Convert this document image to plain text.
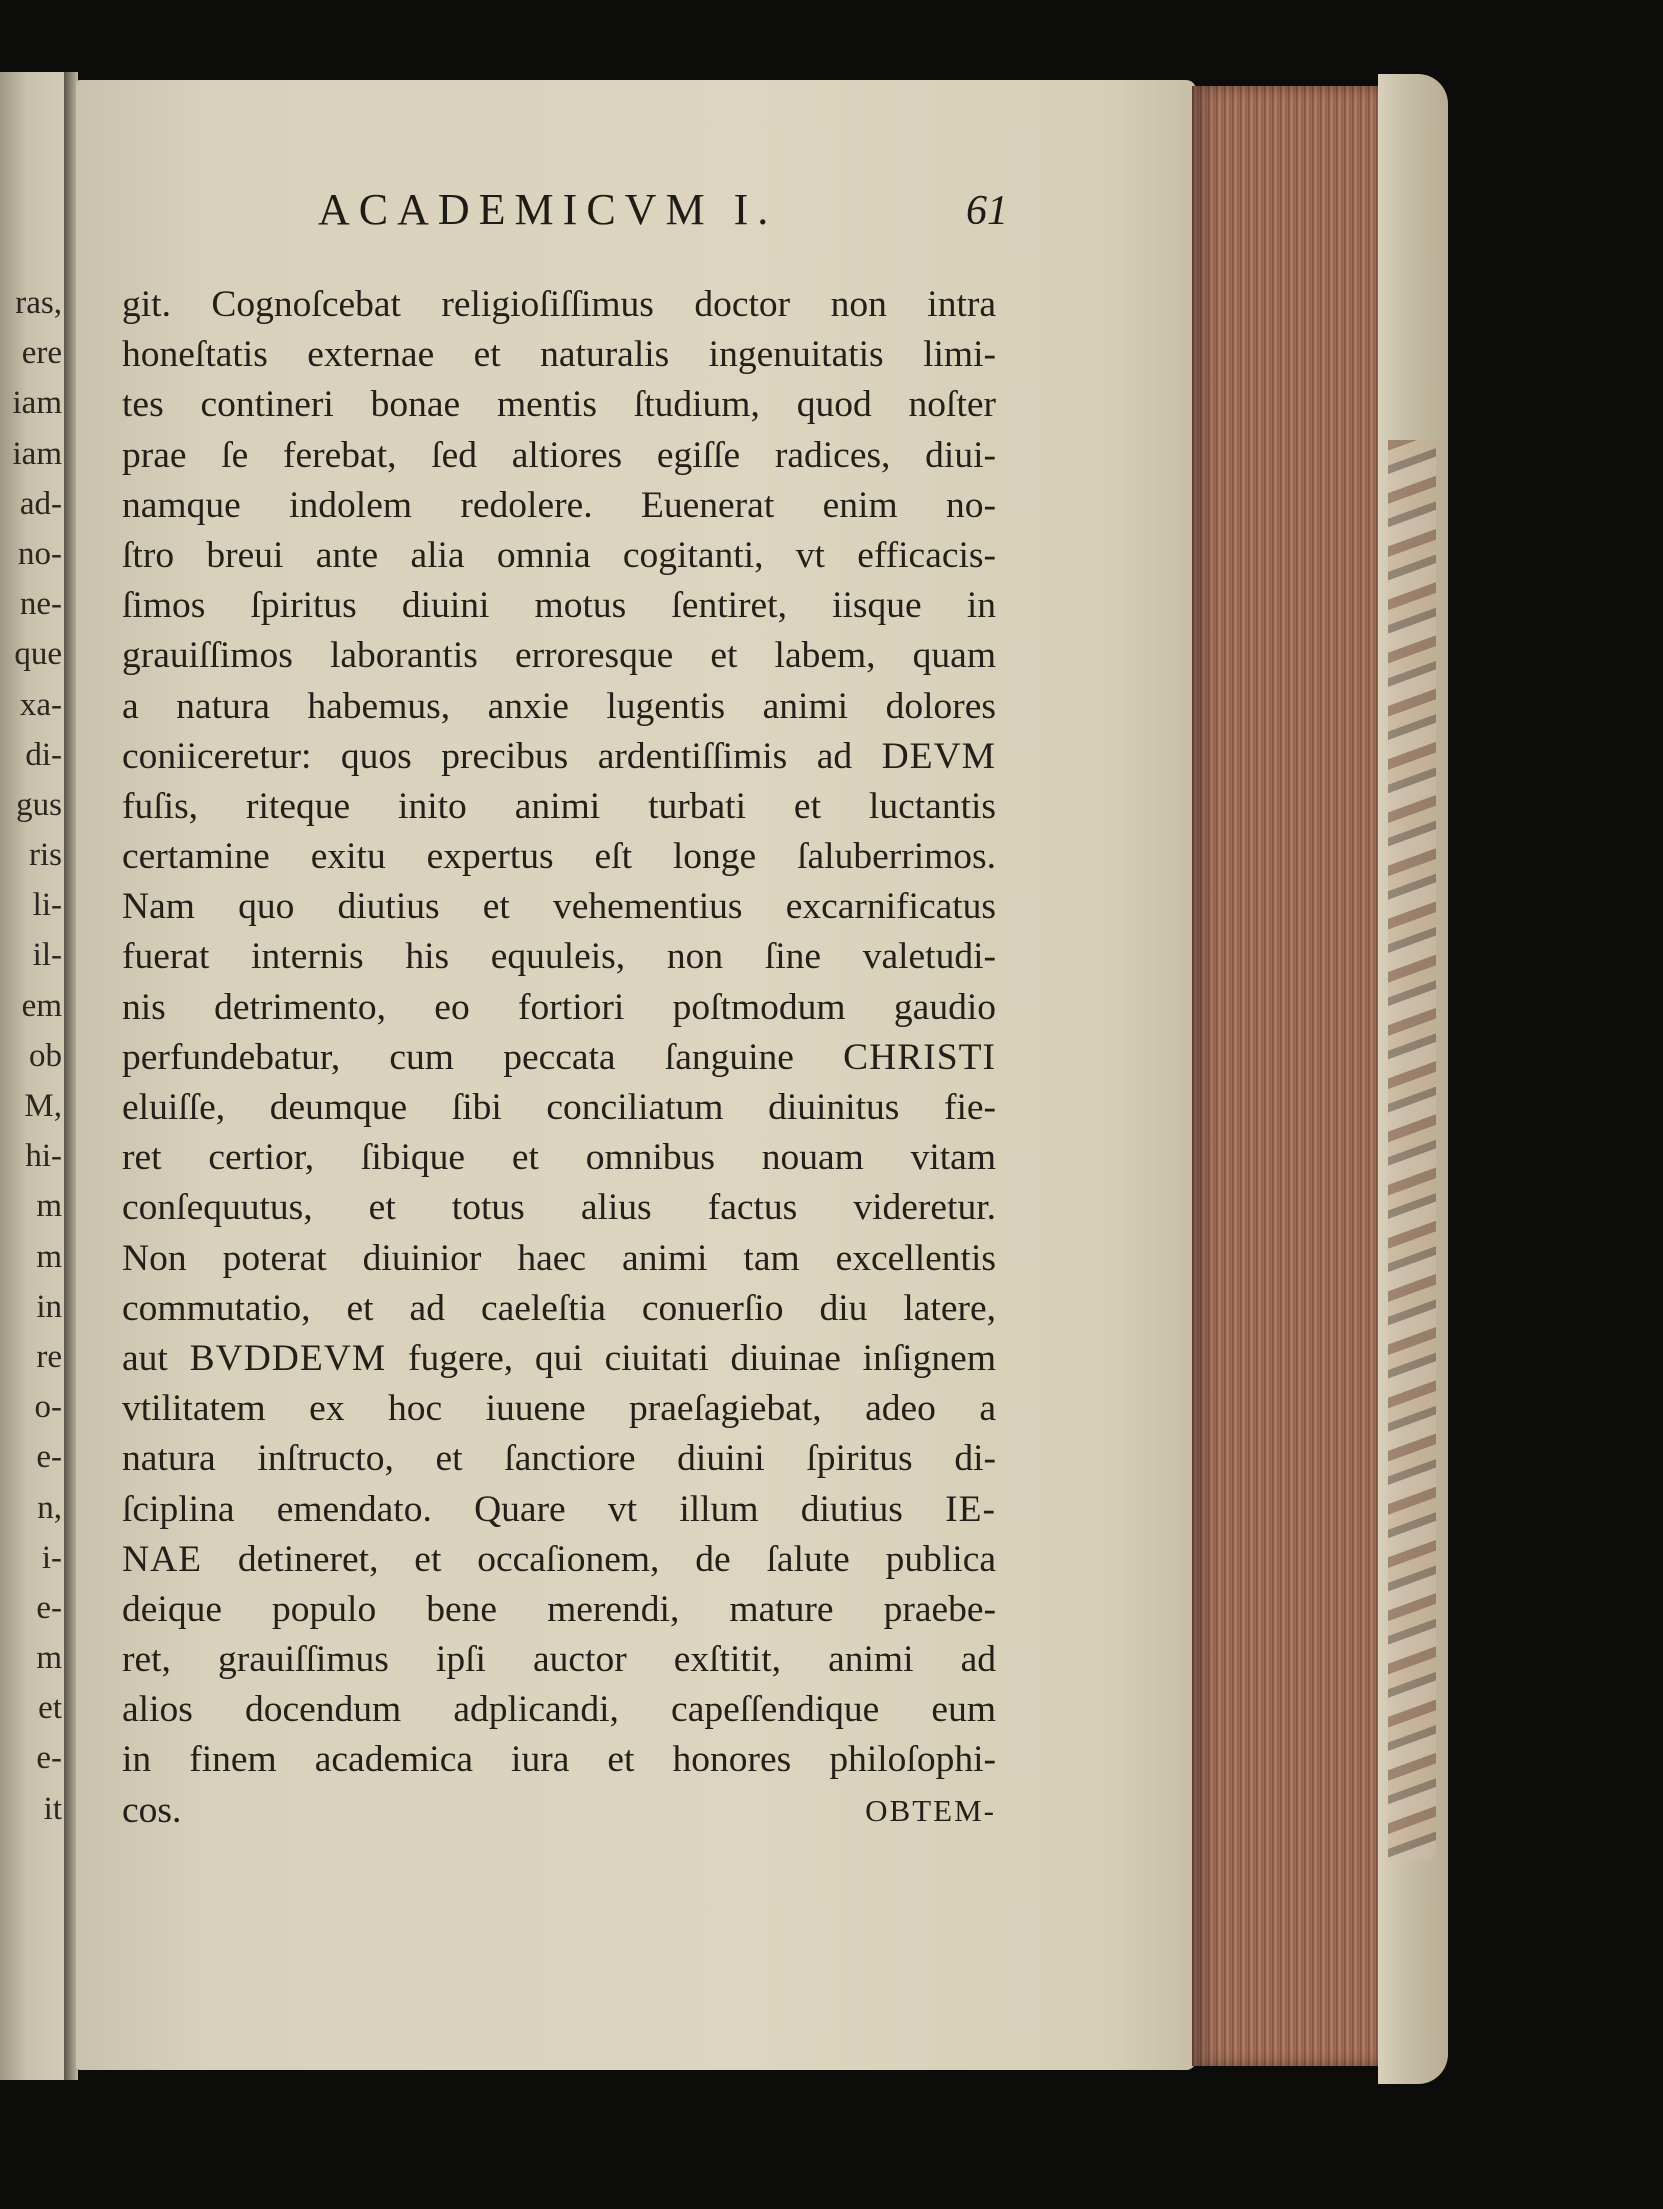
ras,
ere
iam
iam
ad-
no-
ne-
que
xa-
di-
gus
ris
li-
il-
em
ob
M,
hi-
m
m
in
re
o-
e-
n,
i-
e-
m
et
e-
it
ACADEMICVM I.	61
git. Cognoſcebat religioſiſſimus doctor non intra
honeſtatis externae et naturalis ingenuitatis limi-
tes contineri bonae mentis ſtudium, quod noſter
prae ſe ferebat, ſed altiores egiſſe radices, diui-
namque indolem redolere. Euenerat enim no-
ſtro breui ante alia omnia cogitanti, vt efficacis-
ſimos ſpiritus diuini motus ſentiret, iisque in
grauiſſimos laborantis erroresque et labem, quam
a natura habemus, anxie lugentis animi dolores
coniiceretur: quos precibus ardentiſſimis ad DEVM
fuſis, riteque inito animi turbati et luctantis
certamine exitu expertus eſt longe ſaluberrimos.
Nam quo diutius et vehementius excarnificatus
fuerat internis his equuleis, non ſine valetudi-
nis detrimento, eo fortiori poſtmodum gaudio
perfundebatur, cum peccata ſanguine CHRISTI
eluiſſe, deumque ſibi conciliatum diuinitus fie-
ret certior, ſibique et omnibus nouam vitam
conſequutus, et totus alius factus videretur.
Non poterat diuinior haec animi tam excellentis
commutatio, et ad caeleſtia conuerſio diu latere,
aut BVDDEVM fugere, qui ciuitati diuinae inſignem
vtilitatem ex hoc iuuene praeſagiebat, adeo a
natura inſtructo, et ſanctiore diuini ſpiritus di-
ſciplina emendato. Quare vt illum diutius IE-
NAE detineret, et occaſionem, de ſalute publica
deique populo bene merendi, mature praebe-
ret, grauiſſimus ipſi auctor exſtitit, animi ad
alios docendum adplicandi, capeſſendique eum
in finem academica iura et honores philoſophi-
cos.	OBTEM-
